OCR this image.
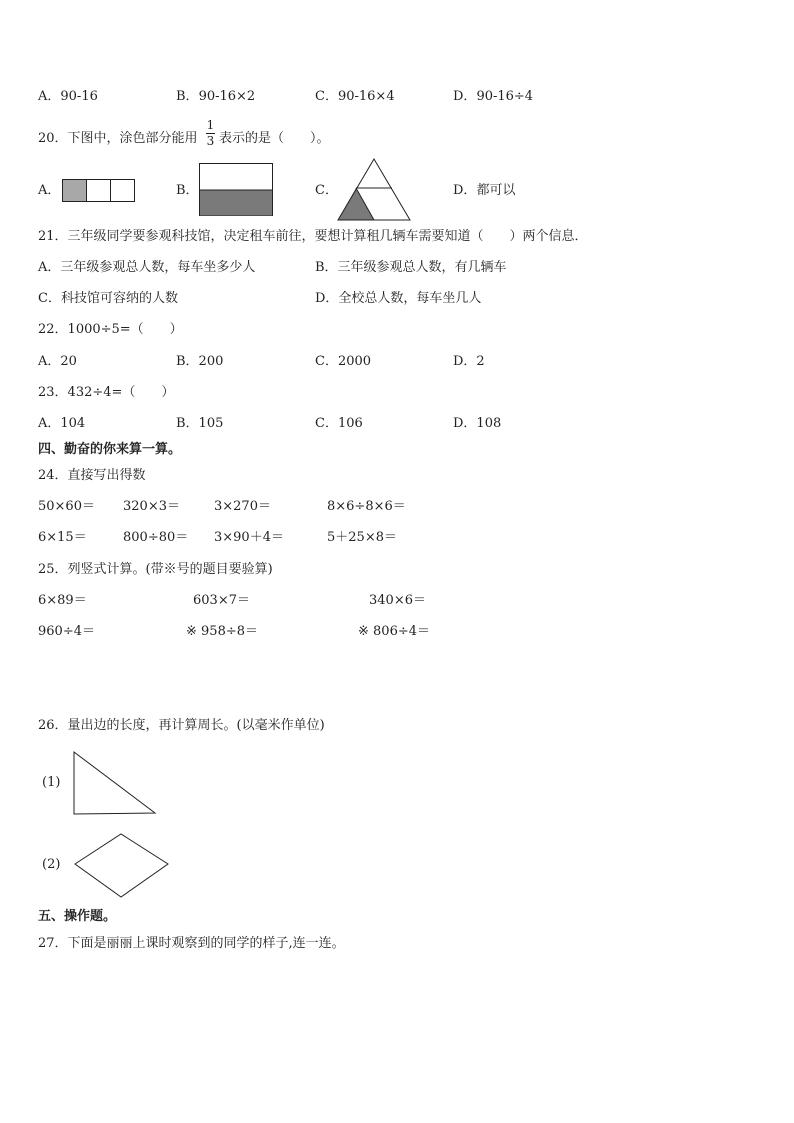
A．90-16	B．90-16×2	C．90-16×4	D．90-16÷4
20．下图中，涂色部分能用
1
3 表示的是（　　）。
A．	B．	C．	D．都可以
21．三年级同学要参观科技馆，决定租车前往，要想计算租几辆车需要知道（　　）两个信息．
A．三年级参观总人数，每车坐多少人	B．三年级参观总人数，有几辆车
C．科技馆可容纳的人数	D．全校总人数，每车坐几人
22．1000÷5=（　　）
A．20	B．200	C．2000	D．2
23．432÷4=（　　）
A．104	B．105	C．106	D．108
四、勤奋的你来算一算。
24．直接写出得数
50×60＝ 320×3＝	3×270＝	8×6÷8×6＝
6×15＝	800÷80＝ 3×90＋4＝	5＋25×8＝
25．列竖式计算。(带※号的题目要验算)
6×89＝	603×7＝	340×6＝
960÷4＝	※ 958÷8＝	※ 806÷4＝
26．量出边的长度，再计算周长。(以毫米作单位)
(1)
(2)
五、操作题。
27．下面是丽丽上课时观察到的同学的样子,连一连。
